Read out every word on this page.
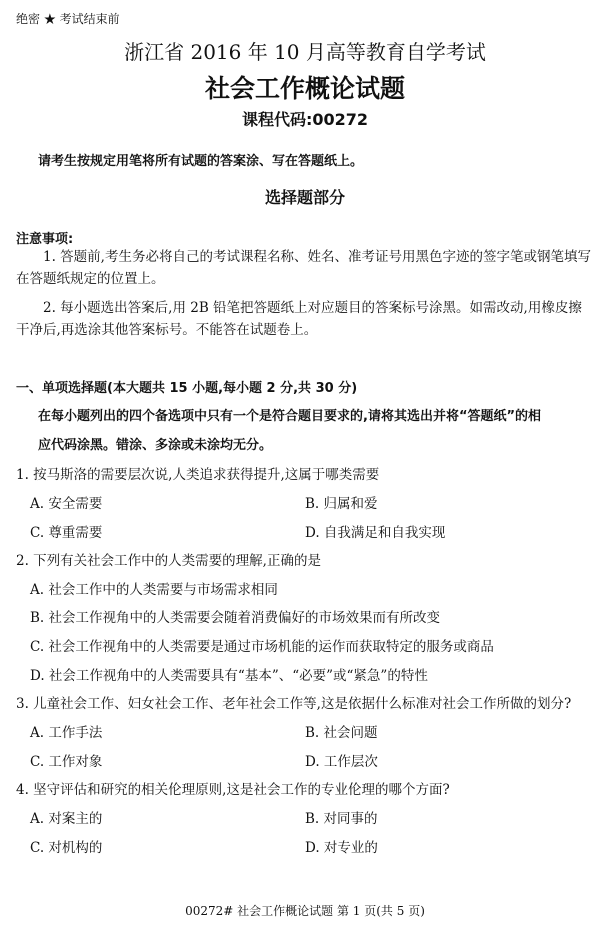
绝密 ★ 考试结束前
浙江省 2016 年 10 月高等教育自学考试
社会工作概论试题
课程代码:00272
请考生按规定用笔将所有试题的答案涂、写在答题纸上。
选择题部分
注意事项:
1. 答题前,考生务必将自己的考试课程名称、姓名、准考证号用黑色字迹的签字笔或钢笔填写在答题纸规定的位置上。
2. 每小题选出答案后,用 2B 铅笔把答题纸上对应题目的答案标号涂黑。如需改动,用橡皮擦干净后,再选涂其他答案标号。不能答在试题卷上。
一、单项选择题(本大题共 15 小题,每小题 2 分,共 30 分)
在每小题列出的四个备选项中只有一个是符合题目要求的,请将其选出并将“答题纸”的相
应代码涂黑。错涂、多涂或未涂均无分。
1. 按马斯洛的需要层次说,人类追求获得提升,这属于哪类需要
A. 安全需要	B. 归属和爱
C. 尊重需要	D. 自我满足和自我实现
2. 下列有关社会工作中的人类需要的理解,正确的是
A. 社会工作中的人类需要与市场需求相同
B. 社会工作视角中的人类需要会随着消费偏好的市场效果而有所改变
C. 社会工作视角中的人类需要是通过市场机能的运作而获取特定的服务或商品
D. 社会工作视角中的人类需要具有“基本”、“必要”或“紧急”的特性
3. 儿童社会工作、妇女社会工作、老年社会工作等,这是依据什么标准对社会工作所做的划分?
A. 工作手法	B. 社会问题
C. 工作对象	D. 工作层次
4. 坚守评估和研究的相关伦理原则,这是社会工作的专业伦理的哪个方面?
A. 对案主的	B. 对同事的
C. 对机构的	D. 对专业的
00272# 社会工作概论试题 第 1 页(共 5 页)
